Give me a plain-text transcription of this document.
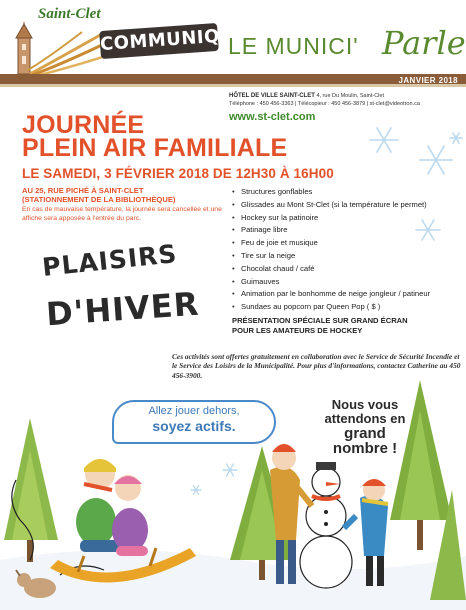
Saint-Clet
COMMUNIQUÉ
LE MUNICI' Parle
JANVIER 2018
HÔTEL DE VILLE SAINT-CLET 4, rue Du Moulin, Saint-Clet
Téléphone : 450 456-3363 | Télécopieur : 450 456-3879 | st-clet@videotron.ca
www.st-clet.com
JOURNÉE
PLEIN AIR FAMILIALE
LE SAMEDI, 3 FÉVRIER 2018 DE 12H30 À 16H00
AU 25, RUE PICHÉ À SAINT-CLET
(STATIONNEMENT DE LA BIBLIOTHÈQUE)
En cas de mauvaise température, la journée sera cancellée et une affiche sera apposée à l'entrée du parc.
• Structures gonflables
• Glissades au Mont St-Clet (si la température le permet)
• Hockey sur la patinoire
• Patinage libre
• Feu de joie et musique
• Tire sur la neige
• Chocolat chaud / café
• Guimauves
• Animation par le bonhomme de neige jongleur / patineur
• Sundaes au popcorn par Queen Pop ( $ )
PRÉSENTATION SPÉCIALE SUR GRAND ÉCRAN
POUR LES AMATEURS DE HOCKEY
PLAISIRS
D'HIVER
Ces activités sont offertes gratuitement en collaboration avec le Service de Sécurité Incendie et le Service des Loisirs de la Municipalité. Pour plus d'informations, contactez Catherine au 450 456-3900.
Allez jouer dehors,
soyez actifs.
Nous vous
attendons en
grand
nombre !
